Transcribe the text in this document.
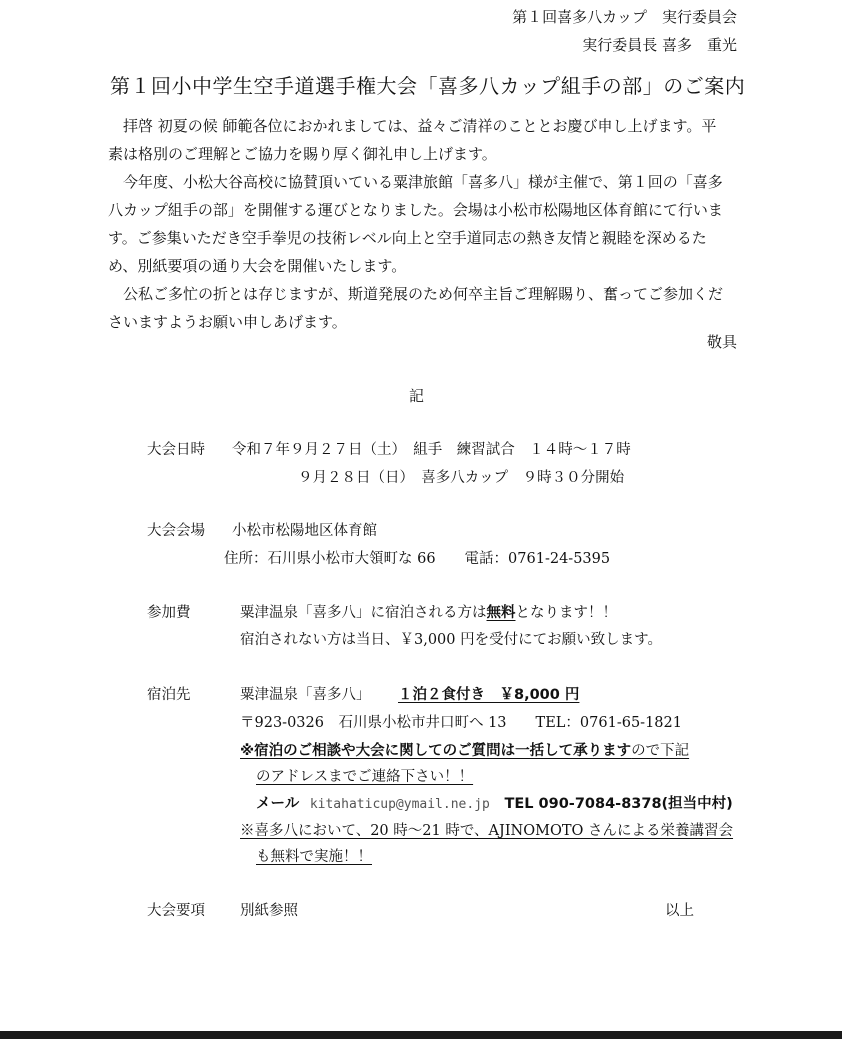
第１回喜多八カップ　実行委員会
実行委員長 喜多　重光
第１回小中学生空手道選手権大会「喜多八カップ組手の部」のご案内
　拝啓 初夏の候 師範各位におかれましては、益々ご清祥のこととお慶び申し上げます。平
素は格別のご理解とご協力を賜り厚く御礼申し上げます。
　今年度、小松大谷高校に協賛頂いている粟津旅館「喜多八」様が主催で、第１回の「喜多
八カップ組手の部」を開催する運びとなりました。会場は小松市松陽地区体育館にて行いま
す。ご参集いただき空手拳児の技術レベル向上と空手道同志の熱き友情と親睦を深めるた
め、別紙要項の通り大会を開催いたします。
　公私ご多忙の折とは存じますが、斯道発展のため何卒主旨ご理解賜り、奮ってご参加くだ
さいますようお願い申しあげます。
敬具
記
大会日時 令和７年９月２７日（土）　組手　練習試合　１４時～１７時
９月２８日（日）　喜多八カップ　９時３０分開始
大会会場 小松市松陽地区体育館
住所：石川県小松市大領町な 66　　電話：0761-24-5395
参加費	粟津温泉「喜多八」に宿泊される方は無料となります！！
宿泊されない方は当日、￥3,000 円を受付にてお願い致します。
宿泊先	粟津温泉「喜多八」 １泊２食付き　￥8,000 円
〒923-0326　石川県小松市井口町へ 13　　TEL：0761-65-1821
※宿泊のご相談や大会に関してのご質問は一括して承りますので下記
のアドレスまでご連絡下さい！！
メール kitahaticup@ymail.ne.jp TEL 090-7084-8378(担当中村)
※喜多八において、20 時～21 時で、AJINOMOTO さんによる栄養講習会
も無料で実施！！
大会要項 別紙参照	以上
